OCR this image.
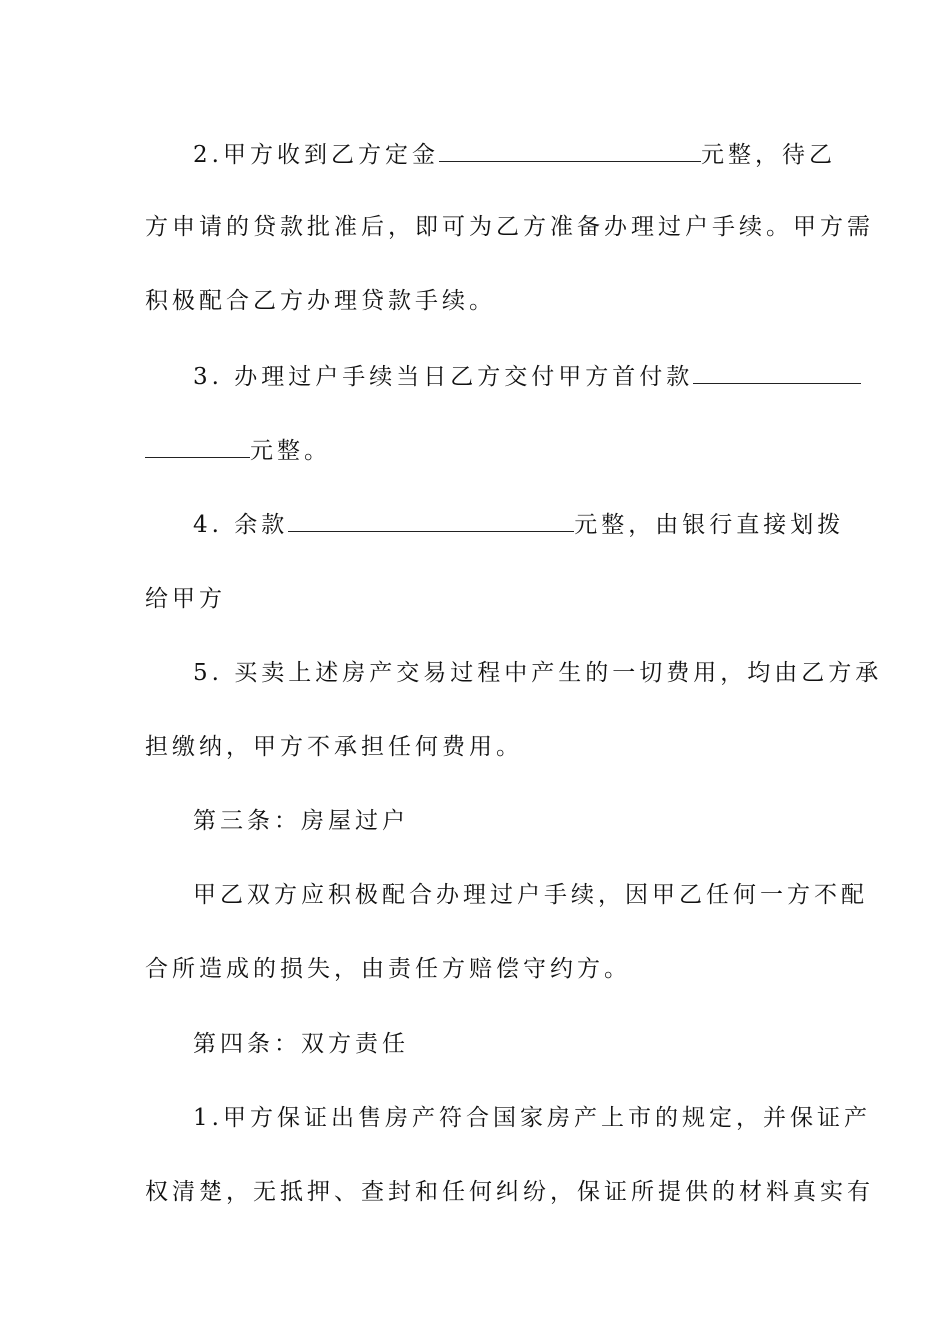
2.甲方收到乙方定金	元整，待乙
方申请的贷款批准后，即可为乙方准备办理过户手续。甲方需
积极配合乙方办理贷款手续。
3. 办理过户手续当日乙方交付甲方首付款
元整。
4. 余款	元整，由银行直接划拨
给甲方
5. 买卖上述房产交易过程中产生的一切费用，均由乙方承
担缴纳，甲方不承担任何费用。
第三条：房屋过户
甲乙双方应积极配合办理过户手续，因甲乙任何一方不配
合所造成的损失，由责任方赔偿守约方。
第四条：双方责任
1.甲方保证出售房产符合国家房产上市的规定，并保证产
权清楚，无抵押、查封和任何纠纷，保证所提供的材料真实有
